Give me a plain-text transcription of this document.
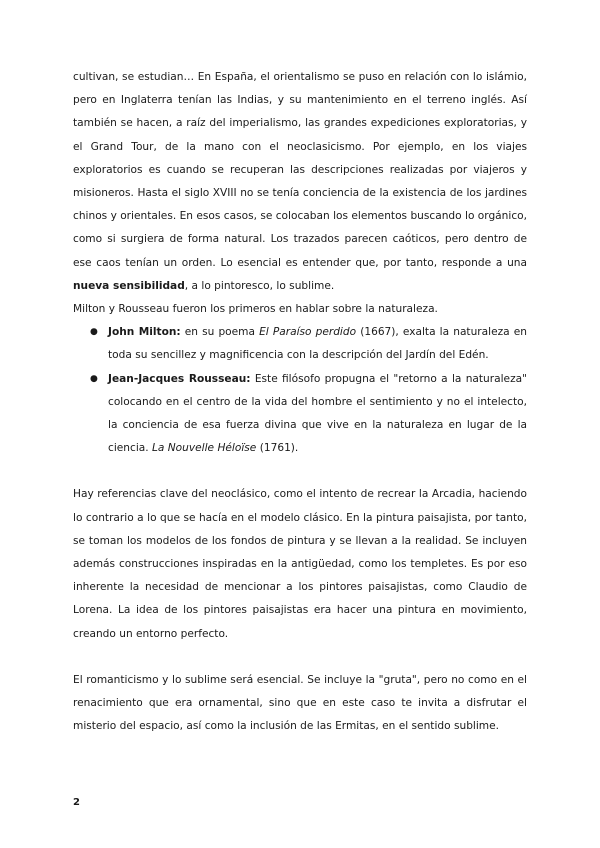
cultivan, se estudian… En España, el orientalismo se puso en relación con lo islámio, pero en Inglaterra tenían las Indias, y su mantenimiento en el terreno inglés. Así también se hacen, a raíz del imperialismo, las grandes expediciones exploratorias, y el Grand Tour, de la mano con el neoclasicismo. Por ejemplo, en los viajes exploratorios es cuando se recuperan las descripciones realizadas por viajeros y misioneros. Hasta el siglo XVIII no se tenía conciencia de la existencia de los jardines chinos y orientales. En esos casos, se colocaban los elementos buscando lo orgánico, como si surgiera de forma natural. Los trazados parecen caóticos, pero dentro de ese caos tenían un orden. Lo esencial es entender que, por tanto, responde a una nueva sensibilidad, a lo pintoresco, lo sublime.

Milton y Rousseau fueron los primeros en hablar sobre la naturaleza.

● John Milton: en su poema El Paraíso perdido (1667), exalta la naturaleza en toda su sencillez y magnificencia con la descripción del Jardín del Edén.
● Jean-Jacques Rousseau: Este filósofo propugna el "retorno a la naturaleza" colocando en el centro de la vida del hombre el sentimiento y no el intelecto, la conciencia de esa fuerza divina que vive en la naturaleza en lugar de la ciencia. La Nouvelle Héloïse (1761).

Hay referencias clave del neoclásico, como el intento de recrear la Arcadia, haciendo lo contrario a lo que se hacía en el modelo clásico. En la pintura paisajista, por tanto, se toman los modelos de los fondos de pintura y se llevan a la realidad. Se incluyen además construcciones inspiradas en la antigüedad, como los templetes. Es por eso inherente la necesidad de mencionar a los pintores paisajistas, como Claudio de Lorena. La idea de los pintores paisajistas era hacer una pintura en movimiento, creando un entorno perfecto.

El romanticismo y lo sublime será esencial. Se incluye la "gruta", pero no como en el renacimiento que era ornamental, sino que en este caso te invita a disfrutar el misterio del espacio, así como la inclusión de las Ermitas, en el sentido sublime.

2
